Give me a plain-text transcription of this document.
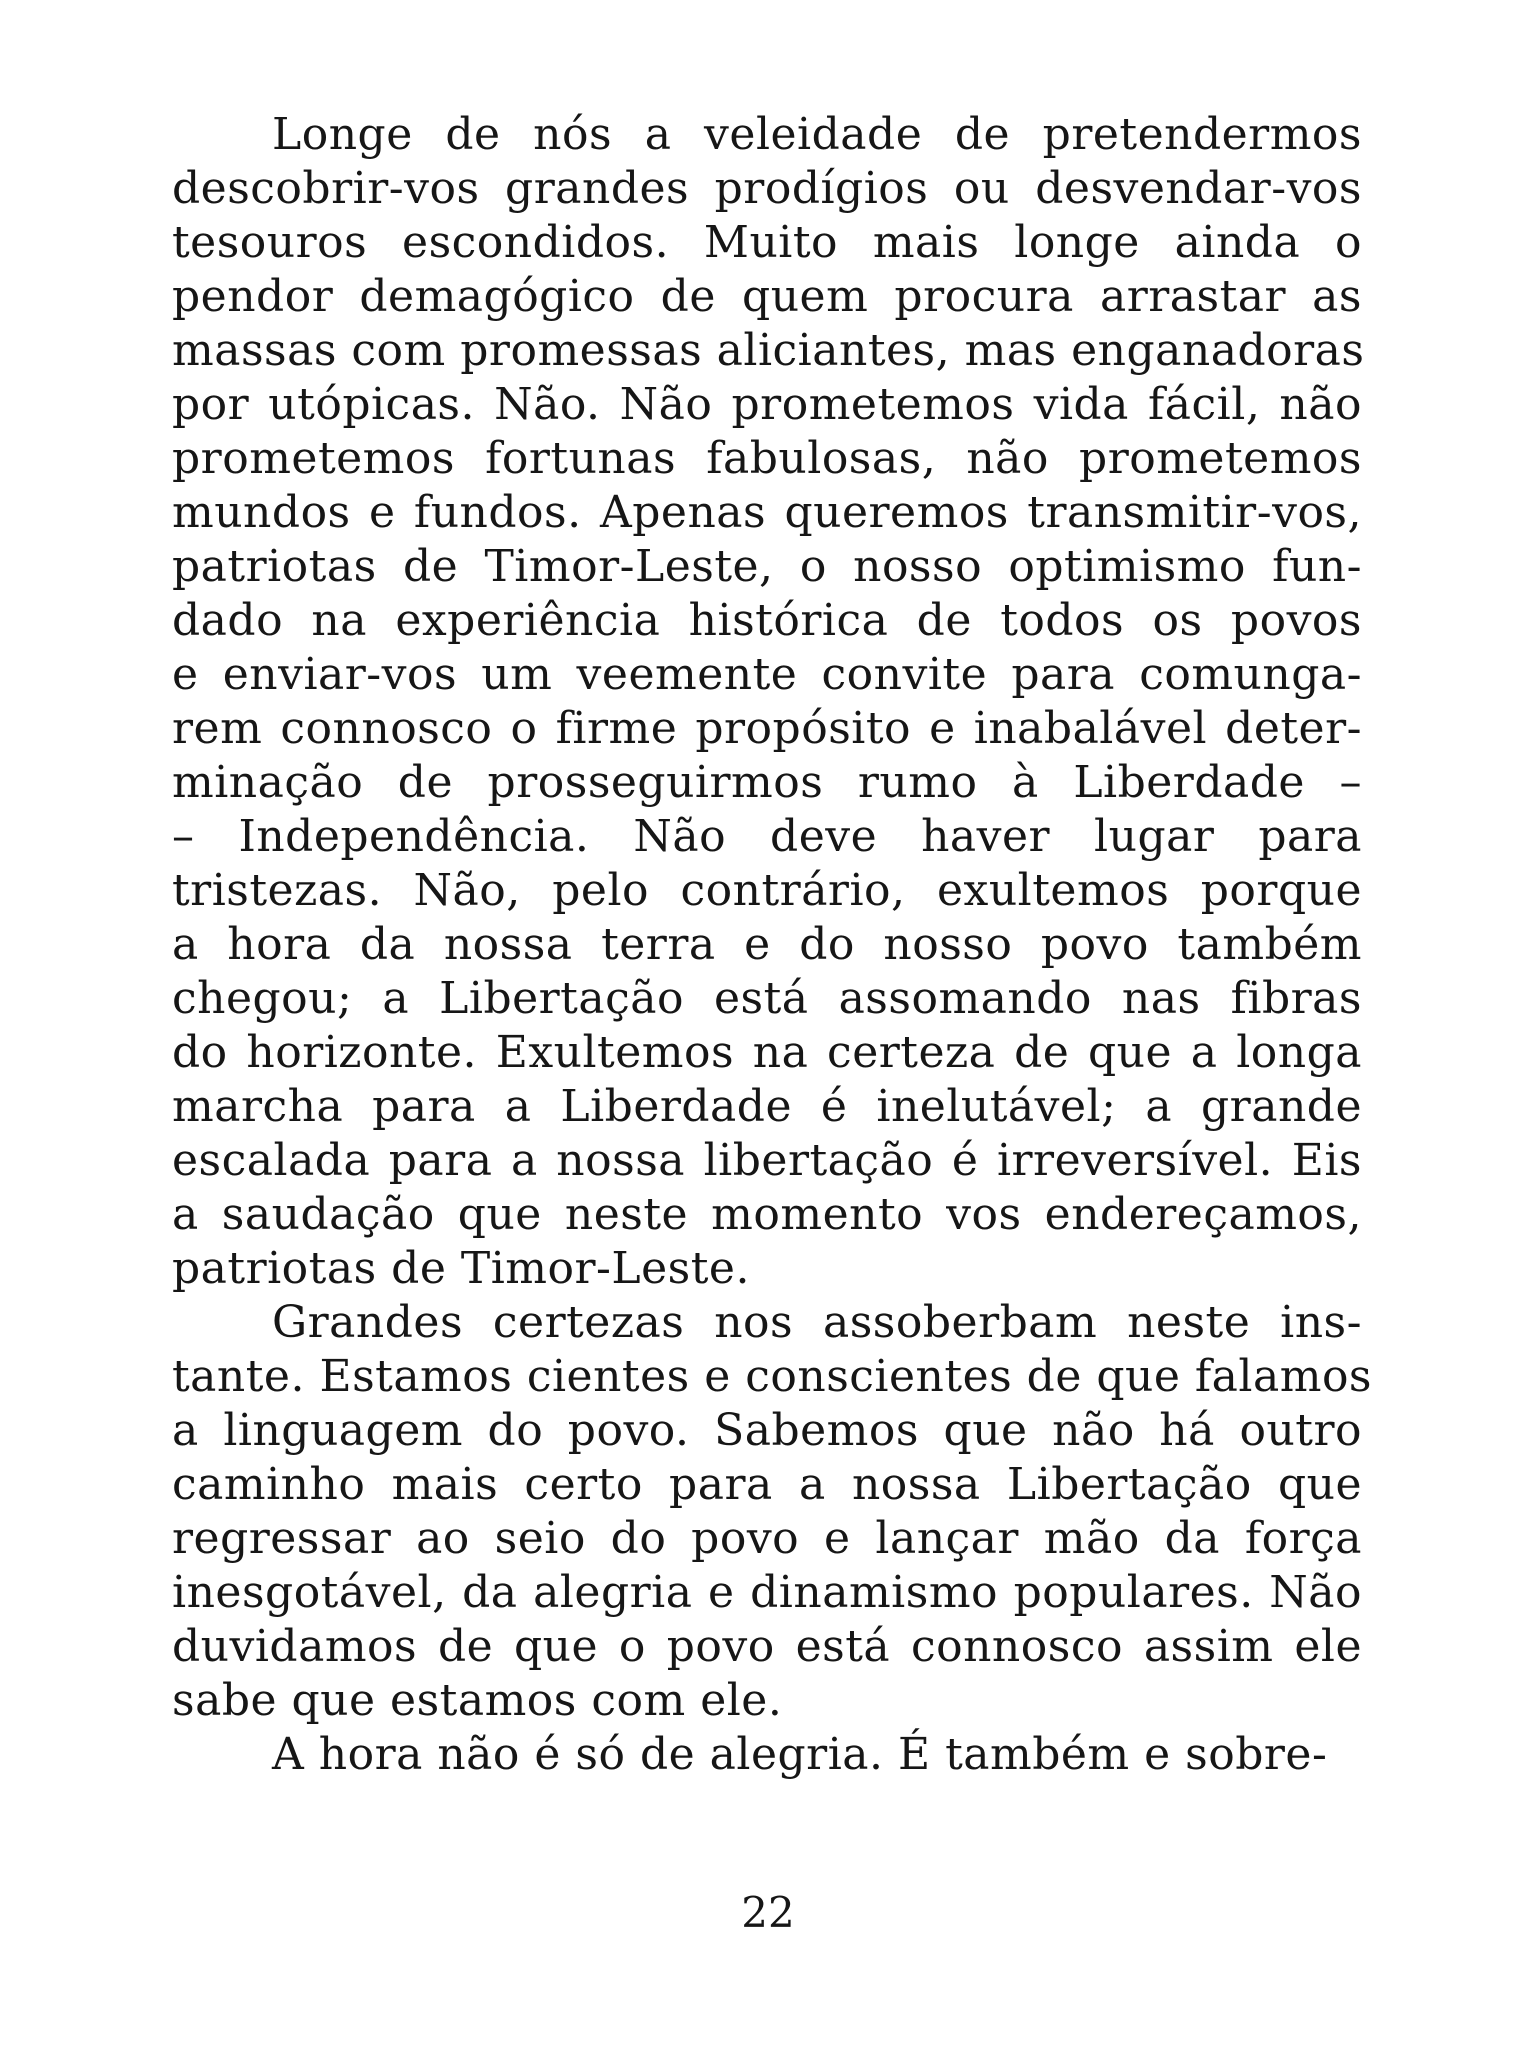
Longe de nós a veleidade de pretendermos
descobrir-vos grandes prodígios ou desvendar-vos
tesouros escondidos. Muito mais longe ainda o
pendor demagógico de quem procura arrastar as
massas com promessas aliciantes, mas enganadoras
por utópicas. Não. Não prometemos vida fácil, não
prometemos fortunas fabulosas, não prometemos
mundos e fundos. Apenas queremos transmitir-vos,
patriotas de Timor-Leste, o nosso optimismo fun-
dado na experiência histórica de todos os povos
e enviar-vos um veemente convite para comunga-
rem connosco o firme propósito e inabalável deter-
minação de prosseguirmos rumo à Liberdade –
– Independência. Não deve haver lugar para
tristezas. Não, pelo contrário, exultemos porque
a hora da nossa terra e do nosso povo também
chegou; a Libertação está assomando nas fibras
do horizonte. Exultemos na certeza de que a longa
marcha para a Liberdade é inelutável; a grande
escalada para a nossa libertação é irreversível. Eis
a saudação que neste momento vos endereçamos,
patriotas de Timor-Leste.
Grandes certezas nos assoberbam neste ins-
tante. Estamos cientes e conscientes de que falamos
a linguagem do povo. Sabemos que não há outro
caminho mais certo para a nossa Libertação que
regressar ao seio do povo e lançar mão da força
inesgotável, da alegria e dinamismo populares. Não
duvidamos de que o povo está connosco assim ele
sabe que estamos com ele.
A hora não é só de alegria. É também e sobre-
22
